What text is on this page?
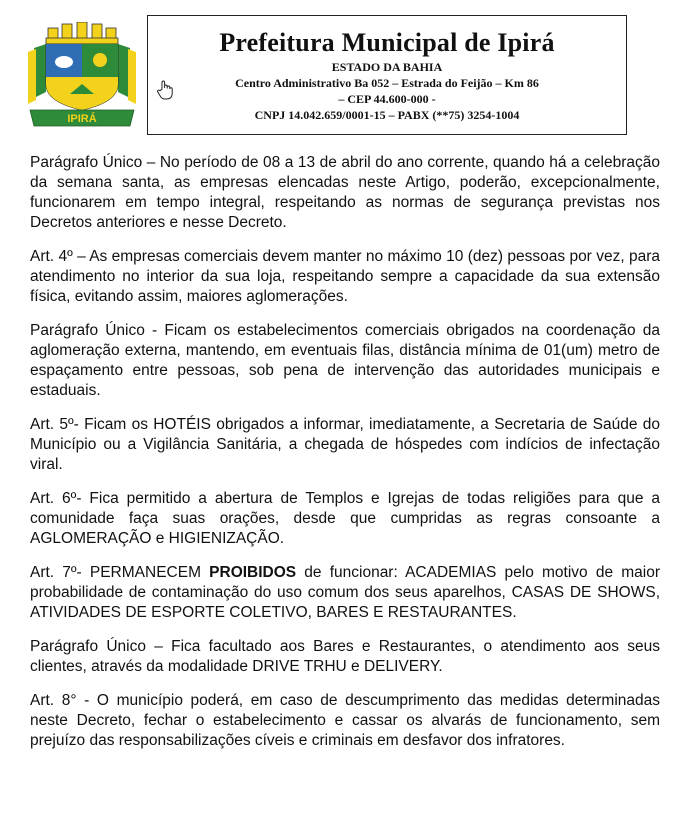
IPIRÁ
Prefeitura Municipal de Ipirá
ESTADO DA BAHIA
Centro Administrativo Ba 052 – Estrada do Feijão – Km 86
– CEP 44.600-000 -
CNPJ 14.042.659/0001-15 – PABX (**75) 3254-1004

Parágrafo Único – No período de 08 a 13 de abril do ano corrente, quando há a celebração da semana santa, as empresas elencadas neste Artigo, poderão, excepcionalmente, funcionarem em tempo integral, respeitando as normas de segurança previstas nos Decretos anteriores e nesse Decreto.

Art. 4º – As empresas comerciais devem manter no máximo 10 (dez) pessoas por vez, para atendimento no interior da sua loja, respeitando sempre a capacidade da sua extensão física, evitando assim, maiores aglomerações.

Parágrafo Único - Ficam os estabelecimentos comerciais obrigados na coordenação da aglomeração externa, mantendo, em eventuais filas, distância mínima de 01(um) metro de espaçamento entre pessoas, sob pena de intervenção das autoridades municipais e estaduais.

Art. 5º- Ficam os HOTÉIS obrigados a informar, imediatamente, a Secretaria de Saúde do Município ou a Vigilância Sanitária, a chegada de hóspedes com indícios de infectação viral.

Art. 6º- Fica permitido a abertura de Templos e Igrejas de todas religiões para que a comunidade faça suas orações, desde que cumpridas as regras consoante a AGLOMERAÇÃO e HIGIENIZAÇÃO.

Art. 7º- PERMANECEM PROIBIDOS de funcionar: ACADEMIAS pelo motivo de maior probabilidade de contaminação do uso comum dos seus aparelhos, CASAS DE SHOWS, ATIVIDADES DE ESPORTE COLETIVO, BARES E RESTAURANTES.

Parágrafo Único – Fica facultado aos Bares e Restaurantes, o atendimento aos seus clientes, através da modalidade DRIVE TRHU e DELIVERY.

Art. 8° - O município poderá, em caso de descumprimento das medidas determinadas neste Decreto, fechar o estabelecimento e cassar os alvarás de funcionamento, sem prejuízo das responsabilizações cíveis e criminais em desfavor dos infratores.
